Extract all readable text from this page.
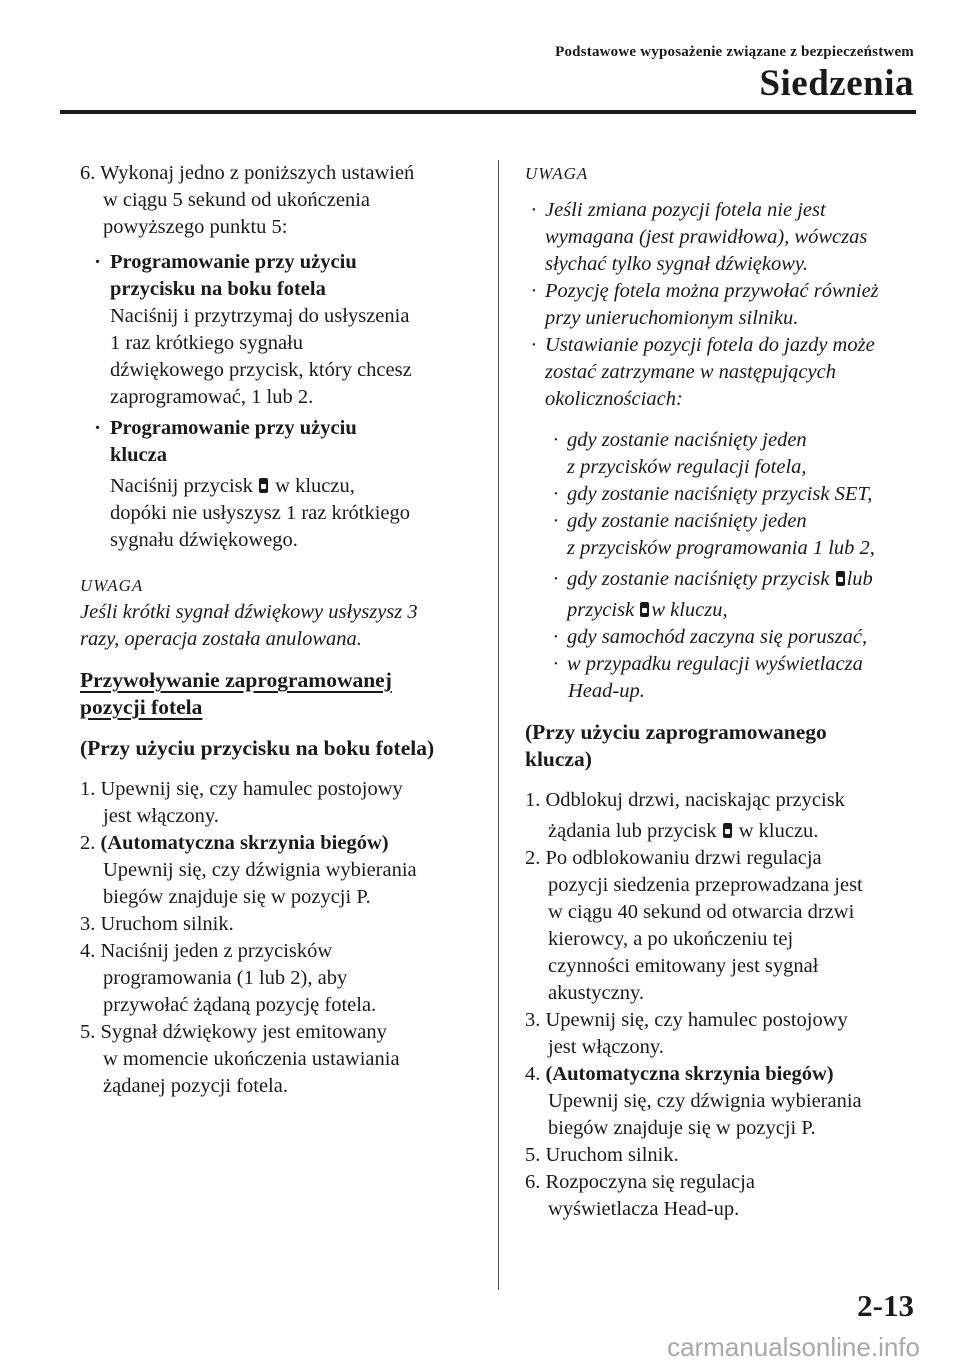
Podstawowe wyposażenie związane z bezpieczeństwem
Siedzenia
6. Wykonaj jedno z poniższych ustawień
w ciągu 5 sekund od ukończenia
powyższego punktu 5:
· Programowanie przy użyciu
przycisku na boku fotela
Naciśnij i przytrzymaj do usłyszenia
1 raz krótkiego sygnału
dźwiękowego przycisk, który chcesz
zaprogramować, 1 lub 2.
· Programowanie przy użyciu
klucza
Naciśnij przycisk w kluczu,
dopóki nie usłyszysz 1 raz krótkiego
sygnału dźwiękowego.
UWAGA
Jeśli krótki sygnał dźwiękowy usłyszysz 3
razy, operacja została anulowana.
Przywoływanie zaprogramowanej
pozycji fotela
(Przy użyciu przycisku na boku fotela)
1. Upewnij się, czy hamulec postojowy
jest włączony.
2. (Automatyczna skrzynia biegów)
Upewnij się, czy dźwignia wybierania
biegów znajduje się w pozycji P.
3. Uruchom silnik.
4. Naciśnij jeden z przycisków
programowania (1 lub 2), aby
przywołać żądaną pozycję fotela.
5. Sygnał dźwiękowy jest emitowany
w momencie ukończenia ustawiania
żądanej pozycji fotela.
UWAGA
· Jeśli zmiana pozycji fotela nie jest
wymagana (jest prawidłowa), wówczas
słychać tylko sygnał dźwiękowy.
· Pozycję fotela można przywołać również
przy unieruchomionym silniku.
· Ustawianie pozycji fotela do jazdy może
zostać zatrzymane w następujących
okolicznościach:
· gdy zostanie naciśnięty jeden
z przycisków regulacji fotela,
· gdy zostanie naciśnięty przycisk SET,
· gdy zostanie naciśnięty jeden
z przycisków programowania 1 lub 2,
· gdy zostanie naciśnięty przycisk lub
przycisk w kluczu,
· gdy samochód zaczyna się poruszać,
· w przypadku regulacji wyświetlacza
Head-up.
(Przy użyciu zaprogramowanego
klucza)
1. Odblokuj drzwi, naciskając przycisk
żądania lub przycisk w kluczu.
2. Po odblokowaniu drzwi regulacja
pozycji siedzenia przeprowadzana jest
w ciągu 40 sekund od otwarcia drzwi
kierowcy, a po ukończeniu tej
czynności emitowany jest sygnał
akustyczny.
3. Upewnij się, czy hamulec postojowy
jest włączony.
4. (Automatyczna skrzynia biegów)
Upewnij się, czy dźwignia wybierania
biegów znajduje się w pozycji P.
5. Uruchom silnik.
6. Rozpoczyna się regulacja
wyświetlacza Head-up.
2-13
carmanualsonline.info
